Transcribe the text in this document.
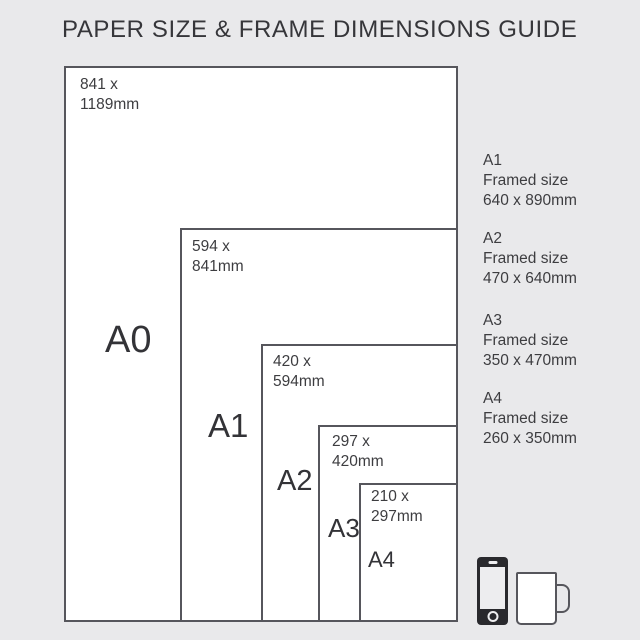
PAPER SIZE & FRAME DIMENSIONS GUIDE
841 x
1189mm
594 x
841mm
420 x
594mm
297 x
420mm
210 x
297mm
A0
A1
A2
A3
A4
A1
Framed size
640 x 890mm
A2
Framed size
470 x 640mm
A3
Framed size
350 x 470mm
A4
Framed size
260 x 350mm
